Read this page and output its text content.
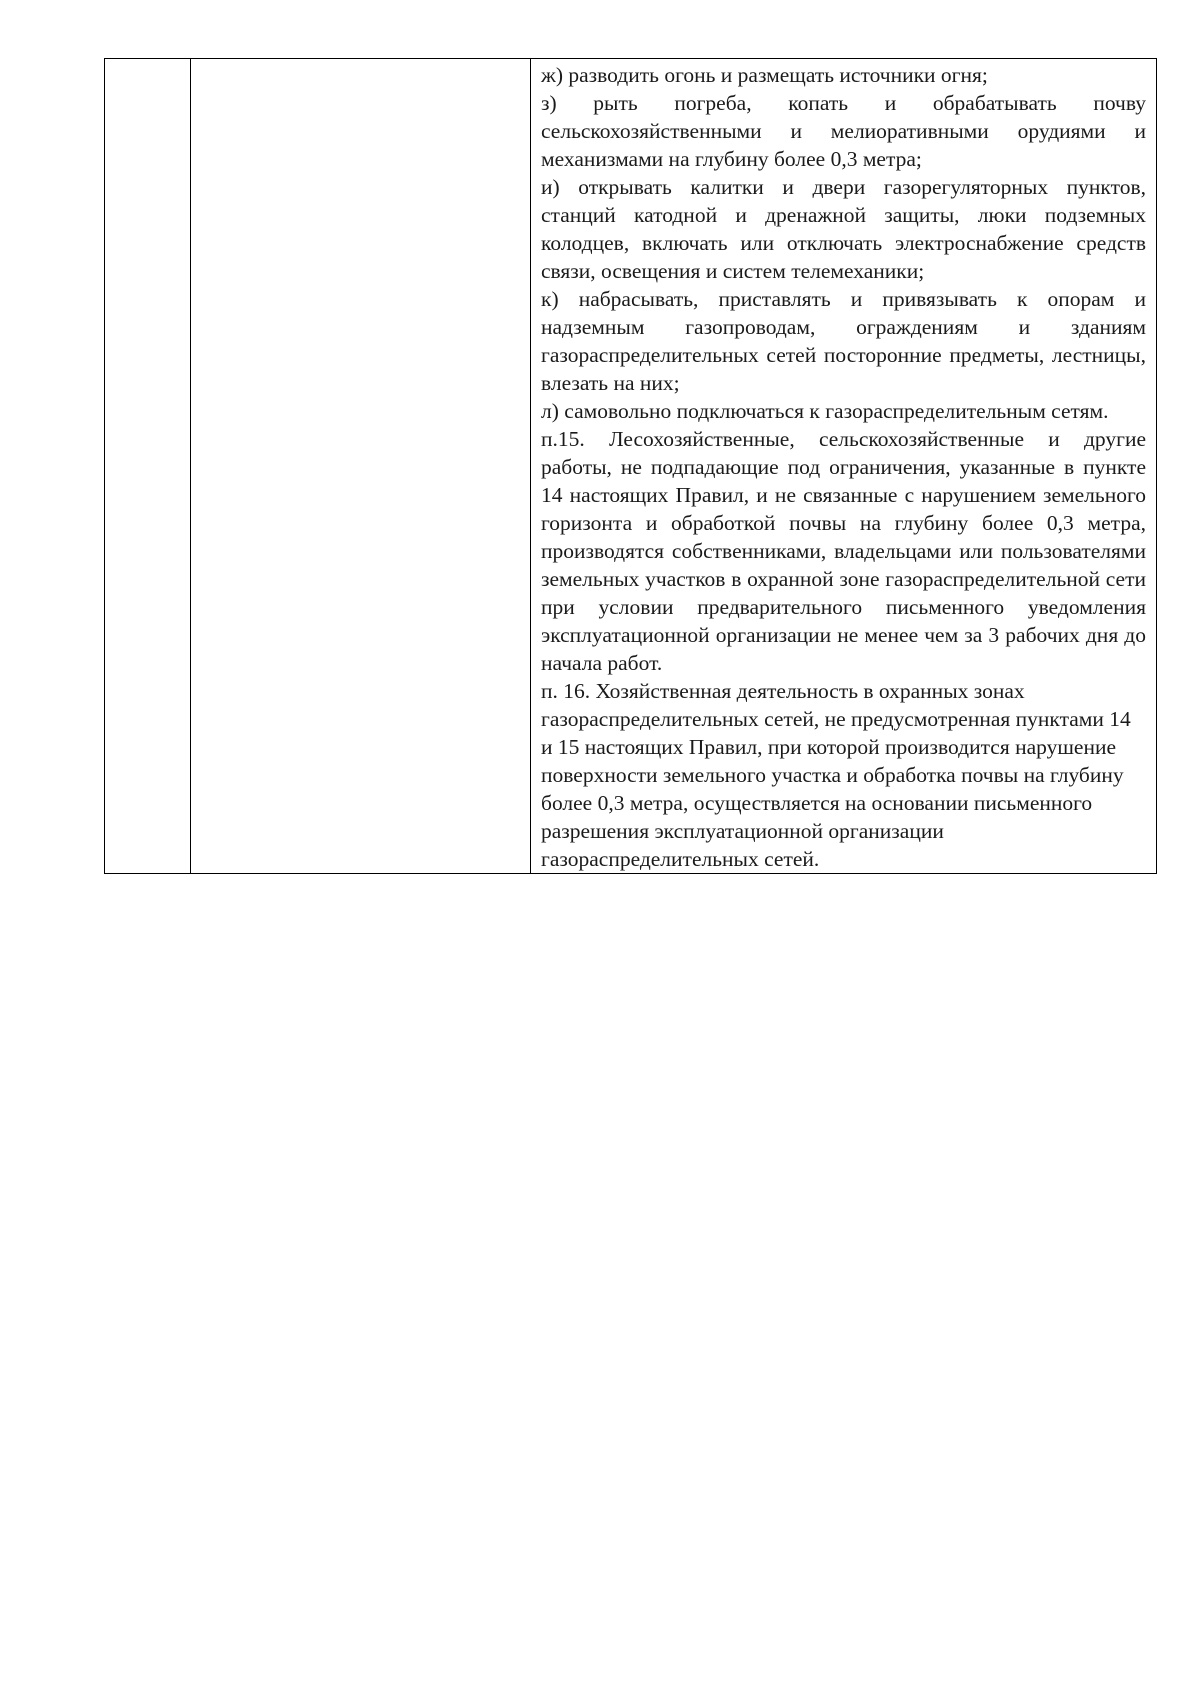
ж) разводить огонь и размещать источники огня;

з) рыть погреба, копать и обрабатывать почву сельскохозяйственными и мелиоративными орудиями и механизмами на глубину более 0,3 метра;

и) открывать калитки и двери газорегуляторных пунктов, станций катодной и дренажной защиты, люки подземных колодцев, включать или отключать электроснабжение средств связи, освещения и систем телемеханики;

к) набрасывать, приставлять и привязывать к опорам и надземным газопроводам, ограждениям и зданиям газораспределительных сетей посторонние предметы, лестницы, влезать на них;

л) самовольно подключаться к газораспределительным сетям.

п.15. Лесохозяйственные, сельскохозяйственные и другие работы, не подпадающие под ограничения, указанные в пункте 14 настоящих Правил, и не связанные с нарушением земельного горизонта и обработкой почвы на глубину более 0,3 метра, производятся собственниками, владельцами или пользователями земельных участков в охранной зоне газораспределительной сети при условии предварительного письменного уведомления эксплуатационной организации не менее чем за 3 рабочих дня до начала работ.

п. 16. Хозяйственная деятельность в охранных зонах газораспределительных сетей, не предусмотренная пунктами 14 и 15 настоящих Правил, при которой производится нарушение поверхности земельного участка и обработка почвы на глубину более 0,3 метра, осуществляется на основании письменного разрешения эксплуатационной организации газораспределительных сетей.
